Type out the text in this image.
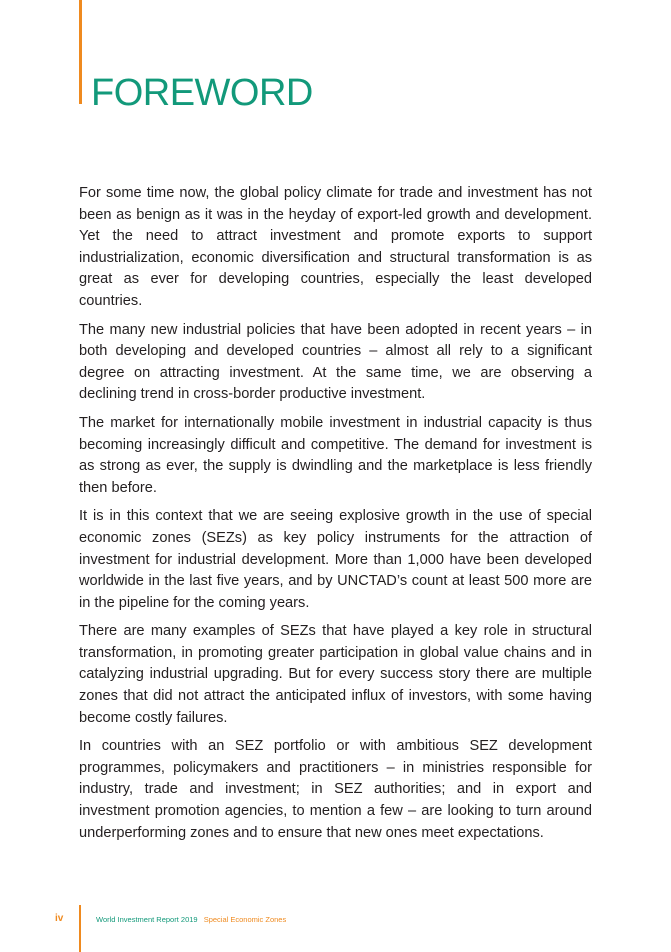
FOREWORD

For some time now, the global policy climate for trade and investment has not been as benign as it was in the heyday of export-led growth and development. Yet the need to attract investment and promote exports to support industrialization, economic diversification and structural transformation is as great as ever for developing countries, especially the least developed countries.

The many new industrial policies that have been adopted in recent years – in both developing and developed countries – almost all rely to a significant degree on attracting investment. At the same time, we are observing a declining trend in cross-border productive investment.

The market for internationally mobile investment in industrial capacity is thus becoming increasingly difficult and competitive. The demand for investment is as strong as ever, the supply is dwindling and the marketplace is less friendly then before.

It is in this context that we are seeing explosive growth in the use of special economic zones (SEZs) as key policy instruments for the attraction of investment for industrial development. More than 1,000 have been developed worldwide in the last five years, and by UNCTAD’s count at least 500 more are in the pipeline for the coming years.

There are many examples of SEZs that have played a key role in structural transformation, in promoting greater participation in global value chains and in catalyzing industrial upgrading. But for every success story there are multiple zones that did not attract the anticipated influx of investors, with some having become costly failures.

In countries with an SEZ portfolio or with ambitious SEZ development programmes, policymakers and practitioners – in ministries responsible for industry, trade and investment; in SEZ authorities; and in export and investment promotion agencies, to mention a few – are looking to turn around underperforming zones and to ensure that new ones meet expectations.

iv	World Investment Report 2019 Special Economic Zones
